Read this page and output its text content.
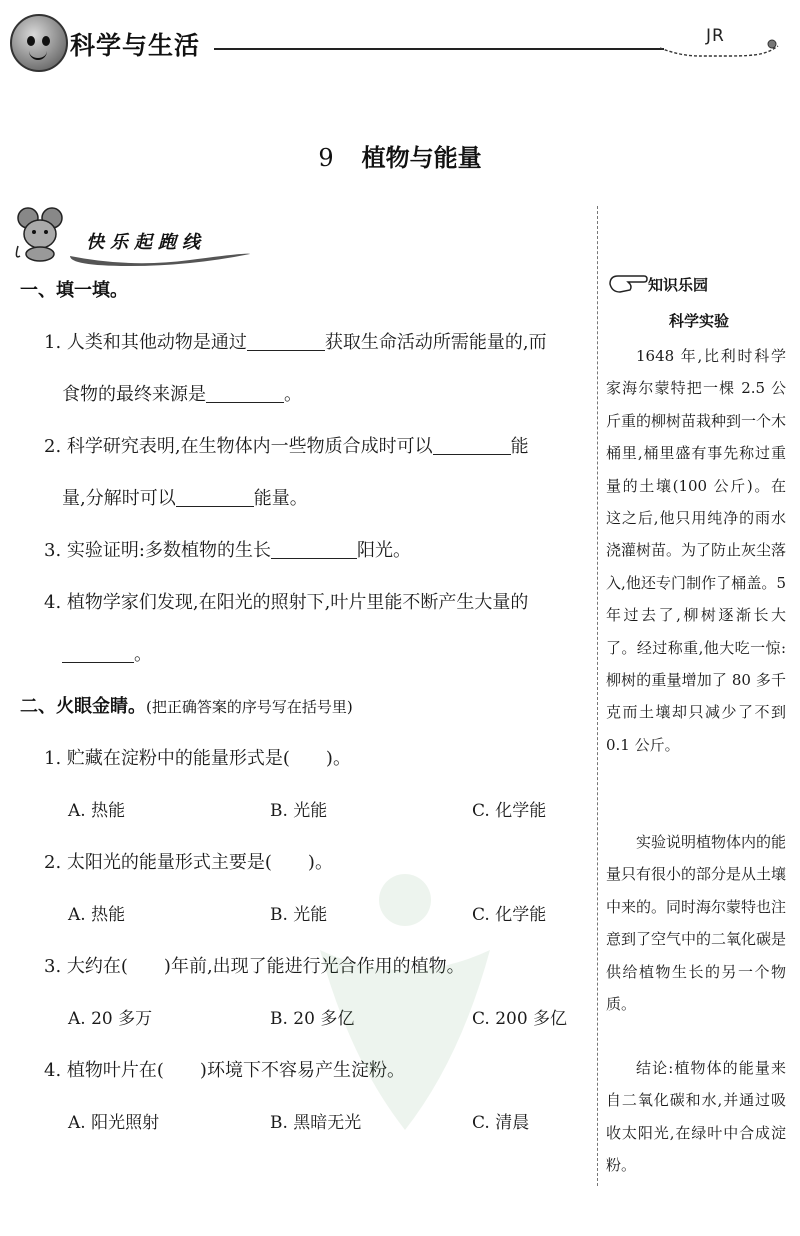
科学与生活	JR
9 植物与能量
快乐起跑线
一、填一填。
1. 人类和其他动物是通过	获取生命活动所需能量的,而
食物的最终来源是	。
2. 科学研究表明,在生物体内一些物质合成时可以	能
量,分解时可以	能量。
3. 实验证明:多数植物的生长	阳光。
4. 植物学家们发现,在阳光的照射下,叶片里能不断产生大量的
。
二、火眼金睛。(把正确答案的序号写在括号里)
1. 贮藏在淀粉中的能量形式是( )。
A. 热能	B. 光能	C. 化学能
2. 太阳光的能量形式主要是( )。
A. 热能	B. 光能	C. 化学能
3. 大约在( )年前,出现了能进行光合作用的植物。
A. 20 多万	B. 20 多亿	C. 200 多亿
4. 植物叶片在( )环境下不容易产生淀粉。
A. 阳光照射	B. 黑暗无光	C. 清晨
知识乐园
科学实验

1648 年,比利时科学家海尔蒙特把一棵 2.5 公斤重的柳树苗栽种到一个木桶里,桶里盛有事先称过重量的土壤(100 公斤)。在这之后,他只用纯净的雨水浇灌树苗。为了防止灰尘落入,他还专门制作了桶盖。5 年过去了,柳树逐渐长大了。经过称重,他大吃一惊:柳树的重量增加了 80 多千克而土壤却只减少了不到 0.1 公斤。

实验说明植物体内的能量只有很小的部分是从土壤中来的。同时海尔蒙特也注意到了空气中的二氧化碳是供给植物生长的另一个物质。

结论:植物体的能量来自二氧化碳和水,并通过吸收太阳光,在绿叶中合成淀粉。
